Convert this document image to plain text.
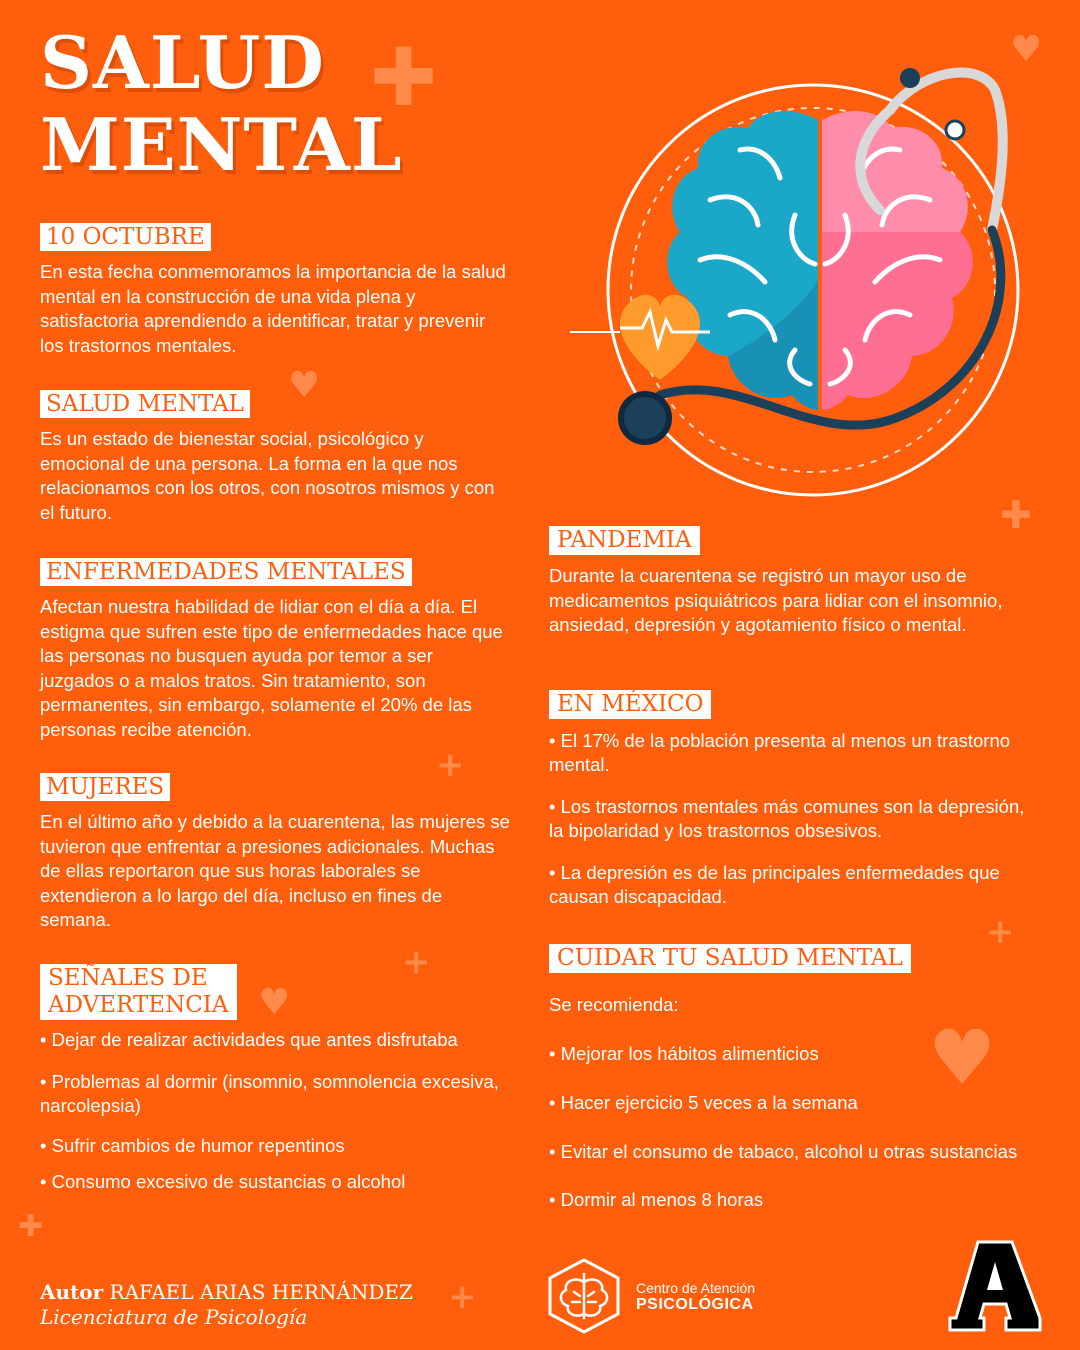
✚	♥
♥
✚
+
+
+
♥
♥
✚
+
SALUD
MENTAL
10 OCTUBRE
En esta fecha conmemoramos la importancia de la salud mental en la construcción de una vida plena y satisfactoria aprendiendo a identificar, tratar y prevenir los trastornos mentales.
SALUD MENTAL
Es un estado de bienestar social, psicológico y emocional de una persona. La forma en la que nos relacionamos con los otros, con nosotros mismos y con el futuro.
ENFERMEDADES MENTALES
Afectan nuestra habilidad de lidiar con el día a día. El estigma que sufren este tipo de enfermedades hace que las personas no busquen ayuda por temor a ser juzgados o a malos tratos. Sin tratamiento, son permanentes, sin embargo, solamente el 20% de las personas recibe atención.
MUJERES
En el último año y debido a la cuarentena, las mujeres se tuvieron que enfrentar a presiones adicionales. Muchas de ellas reportaron que sus horas laborales se extendieron a lo largo del día, incluso en fines de semana.
SEÑALES DE
ADVERTENCIA
• Dejar de realizar actividades que antes disfrutaba
• Problemas al dormir (insomnio, somnolencia excesiva, narcolepsia)
• Sufrir cambios de humor repentinos
• Consumo excesivo de sustancias o alcohol
PANDEMIA
Durante la cuarentena se registró un mayor uso de medicamentos psiquiátricos para lidiar con el insomnio, ansiedad, depresión y agotamiento físico o mental.
EN MÉXICO
• El 17% de la población presenta al menos un trastorno mental.
• Los trastornos mentales más comunes son la depresión, la bipolaridad y los trastornos obsesivos.
• La depresión es de las principales enfermedades que causan discapacidad.
CUIDAR TU SALUD MENTAL
Se recomienda:
• Mejorar los hábitos alimenticios
• Hacer ejercicio 5 veces a la semana
• Evitar el consumo de tabaco, alcohol u otras sustancias
• Dormir al menos 8 horas
Autor RAFAEL ARIAS HERNÁNDEZ
Licenciatura de Psicología
Centro de Atención
PSICOLÓGICA
